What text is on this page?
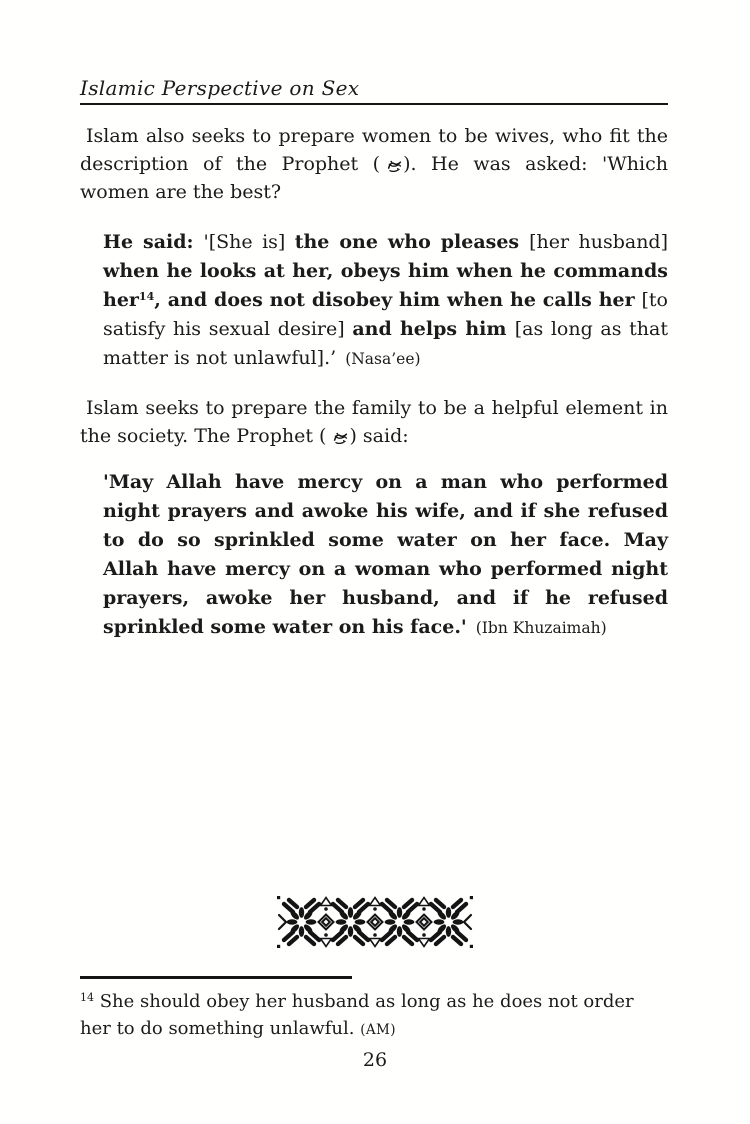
Islamic Perspective on Sex

Islam also seeks to prepare women to be wives, who fit the description of the Prophet ( ). He was asked: 'Which women are the best?

He said: '[She is] the one who pleases [her husband] when he looks at her, obeys him when he commands her$^{14}$, and does not disobey him when he calls her [to satisfy his sexual desire] and helps him [as long as that matter is not unlawful].’ (Nasa’ee)

Islam seeks to prepare the family to be a helpful element in the society. The Prophet ( ) said:

'May Allah have mercy on a man who performed night prayers and awoke his wife, and if she refused to do so sprinkled some water on her face. May Allah have mercy on a woman who performed night prayers, awoke her husband, and if he refused sprinkled some water on his face.' (Ibn Khuzaimah)

$^{14}$ She should obey her husband as long as he does not order her to do something unlawful. (AM)

26
